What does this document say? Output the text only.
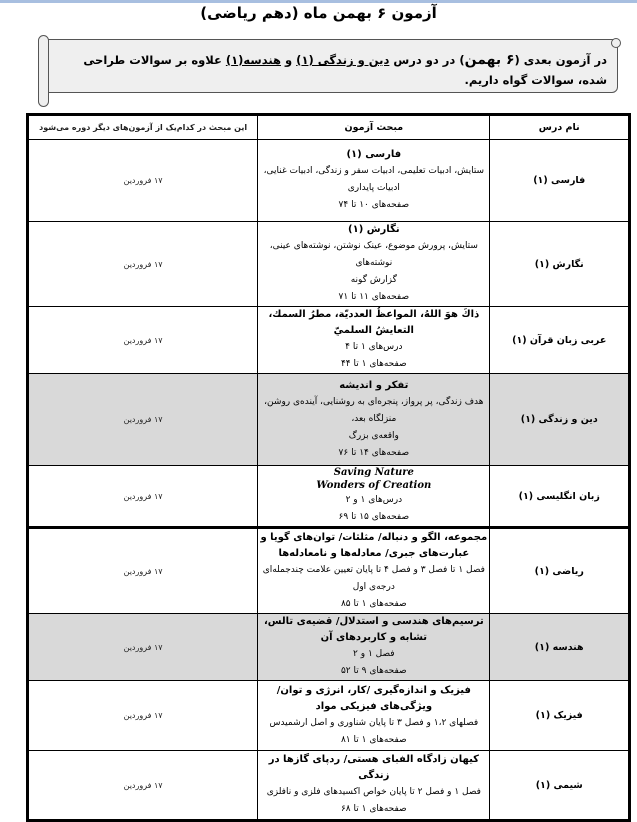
آزمون ۶ بهمن ماه (دهم ریاضی)
در آزمون بعدی (۶ بهمن) در دو درس دین و زندگی (۱) و هندسه(۱) علاوه بر سوالات طراحی شده، سوالات گواه داریم.
نام درس	مبحث آزمون	این مبحث در کدام‌یک از آزمون‌های دیگر دوره می‌شود
فارسی (۱)	فارسی (۱)
ستایش، ادبیات تعلیمی، ادبیات سفر و زندگی، ادبیات غنایی،
ادبیات پایداری
صفحه‌های ۱۰ تا ۷۴	۱۷ فروردین
نگارش (۱)	نگارش (۱)
ستایش، پرورش موضوع، عینک نوشتن، نوشته‌های عینی، نوشته‌های
گزارش گونه
صفحه‌های ۱۱ تا ۷۱	۱۷ فروردین
عربی زبان قرآن (۱)	ذاكَ هوَ اللهُ، المواعظُ العدديّة، مطرُ السمك، التعايشُ السلميّ
درس‌های ۱ تا ۴
صفحه‌های ۱ تا ۴۴	۱۷ فروردین
دین و زندگی (۱)	تفکر و اندیشه
هدف زندگی، پر پرواز، پنجره‌ای به روشنایی، آینده‌ی روشن،
منزلگاه بعد،
واقعه‌ی بزرگ
صفحه‌های ۱۴ تا ۷۶	۱۷ فروردین
زبان انگلیسی (۱)	Saving Nature
Wonders of Creation
درس‌های ۱ و ۲
صفحه‌های ۱۵ تا ۶۹	۱۷ فروردین
ریاضی (۱)	مجموعه، الگو و دنباله/ مثلثات/ توان‌های گویا و عبارت‌های جبری/ معادله‌ها و نامعادله‌ها
فصل ۱ تا فصل ۳ و فصل ۴ تا پایان تعیین علامت چندجمله‌ای
درجه‌ی اول
صفحه‌های ۱ تا ۸۵	۱۷ فروردین
هندسه (۱)	ترسیم‌های هندسی و استدلال/ قضیه‌ی تالس، تشابه و کاربردهای آن
فصل ۱ و ۲
صفحه‌های ۹ تا ۵۲	۱۷ فروردین
فیزیک (۱)	فیزیک و اندازه‌گیری /کار، انرژی و توان/ ویژگی‌های فیزیکی مواد
فصلهای ۱،۲ و فصل ۳ تا پایان شناوری و اصل ارشمیدس
صفحه‌های ۱ تا ۸۱	۱۷ فروردین
شیمی (۱)	کیهان زادگاه الفبای هستی/ ردپای گازها در زندگی
فصل ۱ و فصل ۲ تا پایان خواص اکسیدهای فلزی و نافلزی
صفحه‌های ۱ تا ۶۸	۱۷ فروردین
